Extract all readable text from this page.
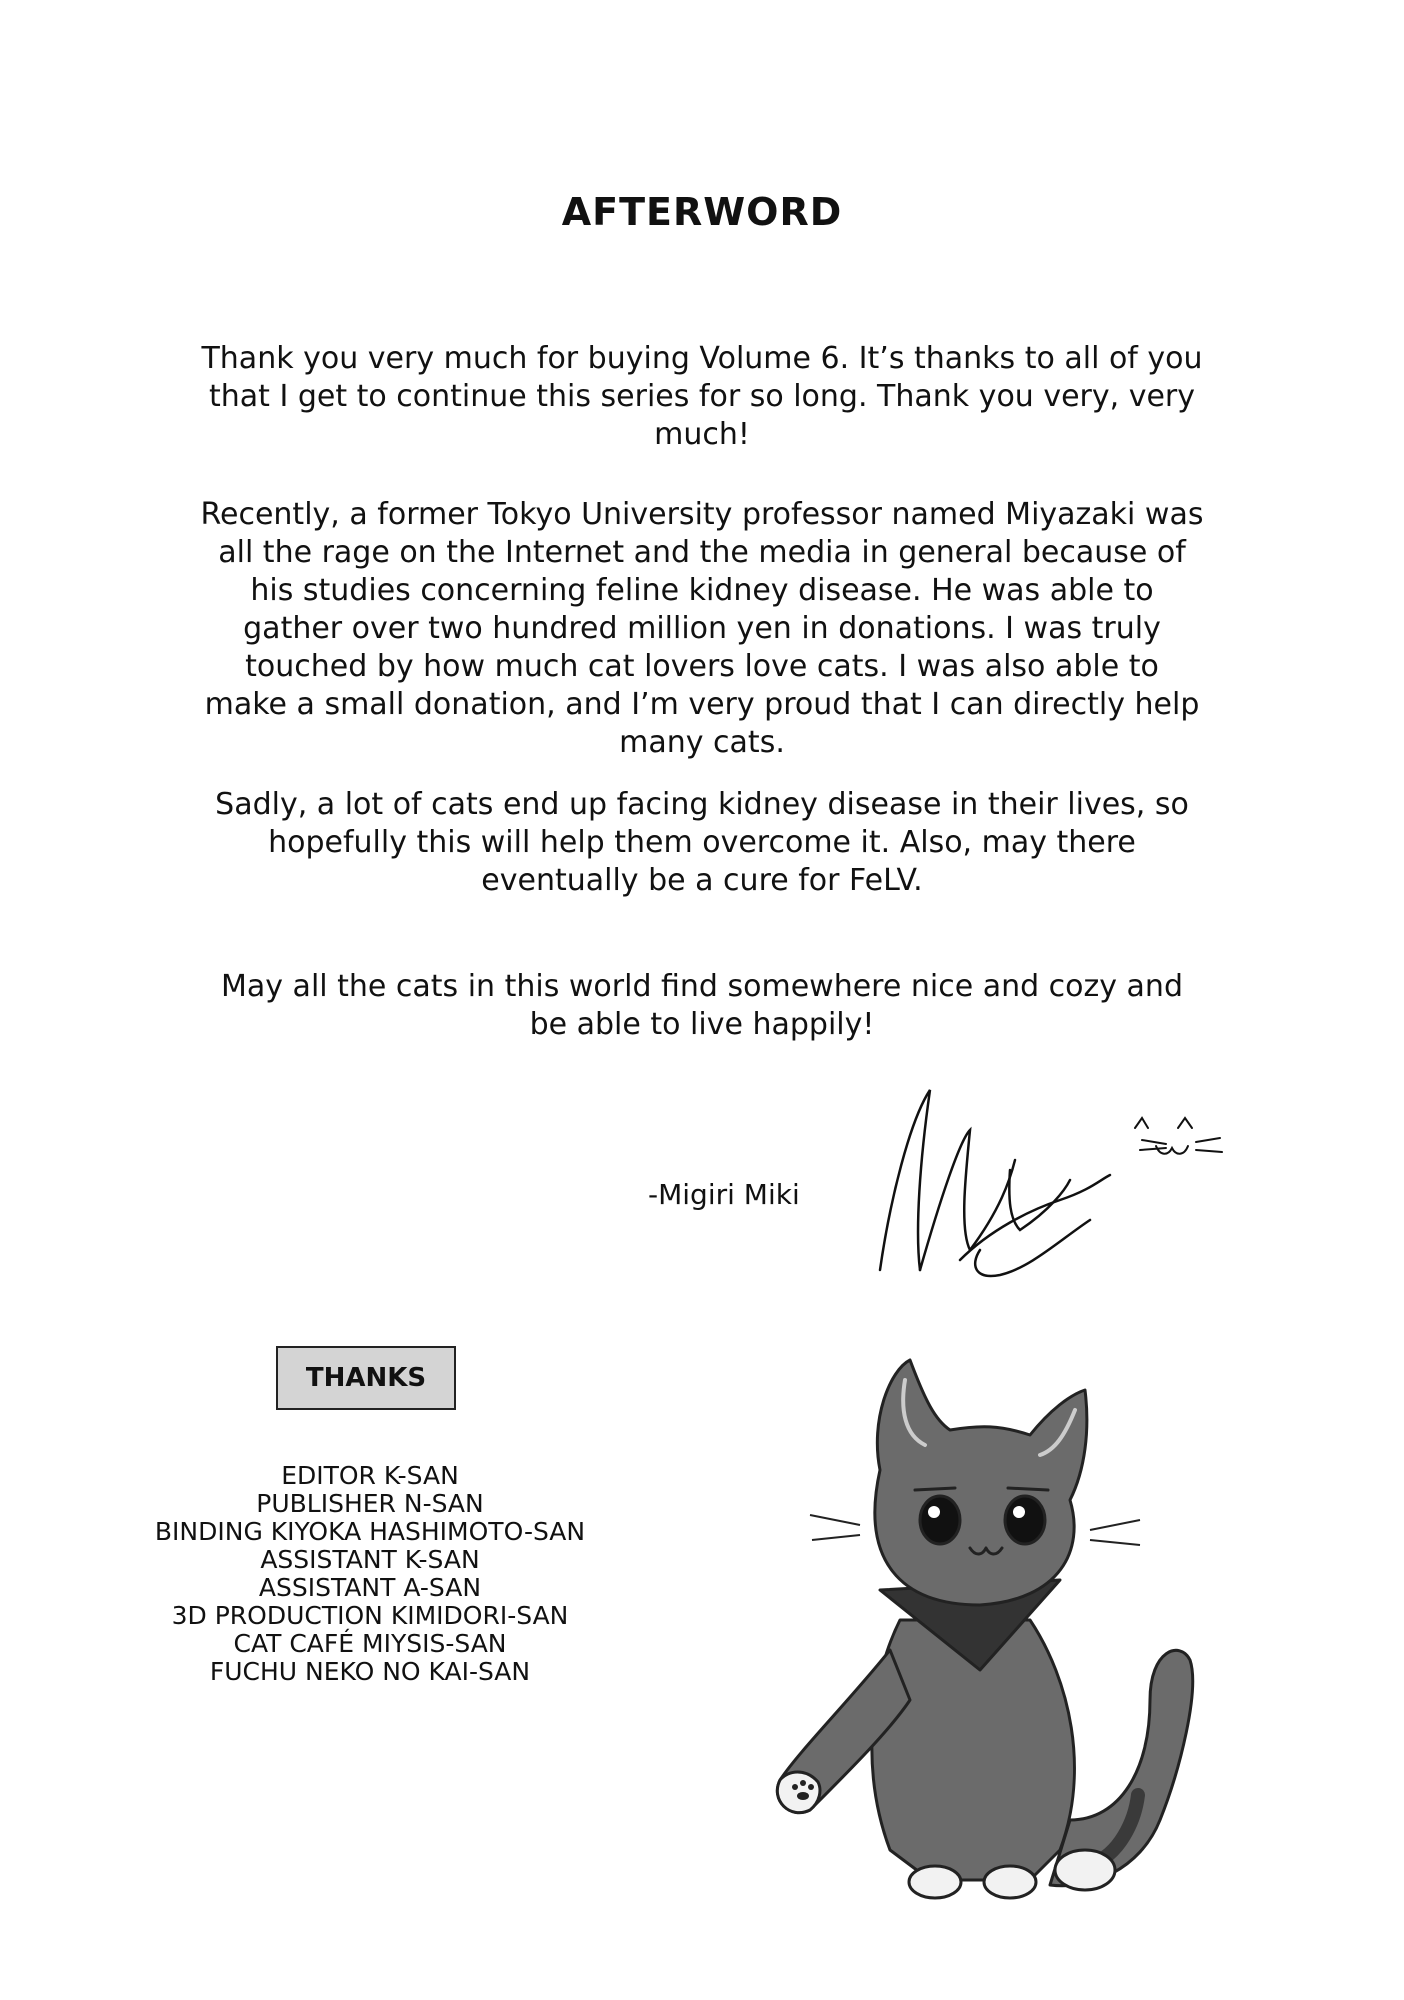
AFTERWORD

Thank you very much for buying Volume 6. It’s thanks to all of you that I get to continue this series for so long. Thank you very, very much!

Recently, a former Tokyo University professor named Miyazaki was all the rage on the Internet and the media in general because of his studies concerning feline kidney disease. He was able to gather over two hundred million yen in donations. I was truly touched by how much cat lovers love cats. I was also able to make a small donation, and I’m very proud that I can directly help many cats.

Sadly, a lot of cats end up facing kidney disease in their lives, so hopefully this will help them overcome it. Also, may there eventually be a cure for FeLV.

May all the cats in this world find somewhere nice and cozy and be able to live happily!

-Migiri Miki

THANKS
EDITOR K-SAN
PUBLISHER N-SAN
BINDING KIYOKA HASHIMOTO-SAN
ASSISTANT K-SAN
ASSISTANT A-SAN
3D PRODUCTION KIMIDORI-SAN
CAT CAFÉ MIYSIS-SAN
FUCHU NEKO NO KAI-SAN
